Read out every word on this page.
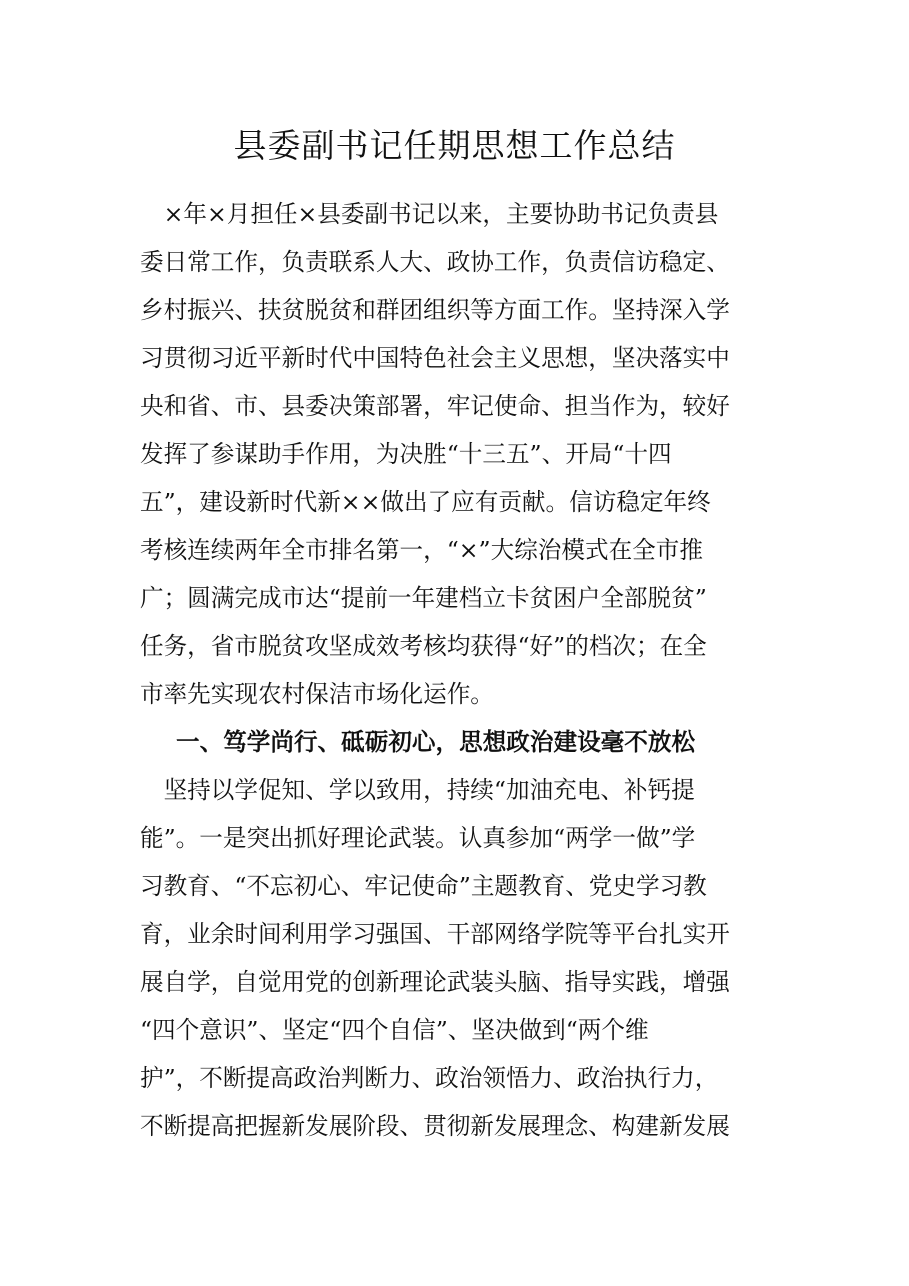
县委副书记任期思想工作总结
　×年×月担任×县委副书记以来，主要协助书记负责县
委日常工作，负责联系人大、政协工作，负责信访稳定、
乡村振兴、扶贫脱贫和群团组织等方面工作。坚持深入学
习贯彻习近平新时代中国特色社会主义思想，坚决落实中
央和省、市、县委决策部署，牢记使命、担当作为，较好
发挥了参谋助手作用，为决胜“十三五”、开局“十四
五”，建设新时代新××做出了应有贡献。信访稳定年终
考核连续两年全市排名第一，“×”大综治模式在全市推
广；圆满完成市达“提前一年建档立卡贫困户全部脱贫”
任务，省市脱贫攻坚成效考核均获得“好”的档次；在全
市率先实现农村保洁市场化运作。
一、笃学尚行、砥砺初心，思想政治建设毫不放松
　坚持以学促知、学以致用，持续“加油充电、补钙提
能”。一是突出抓好理论武装。认真参加“两学一做”学
习教育、“不忘初心、牢记使命”主题教育、党史学习教
育，业余时间利用学习强国、干部网络学院等平台扎实开
展自学，自觉用党的创新理论武装头脑、指导实践，增强
“四个意识”、坚定“四个自信”、坚决做到“两个维
护”，不断提高政治判断力、政治领悟力、政治执行力，
不断提高把握新发展阶段、贯彻新发展理念、构建新发展
